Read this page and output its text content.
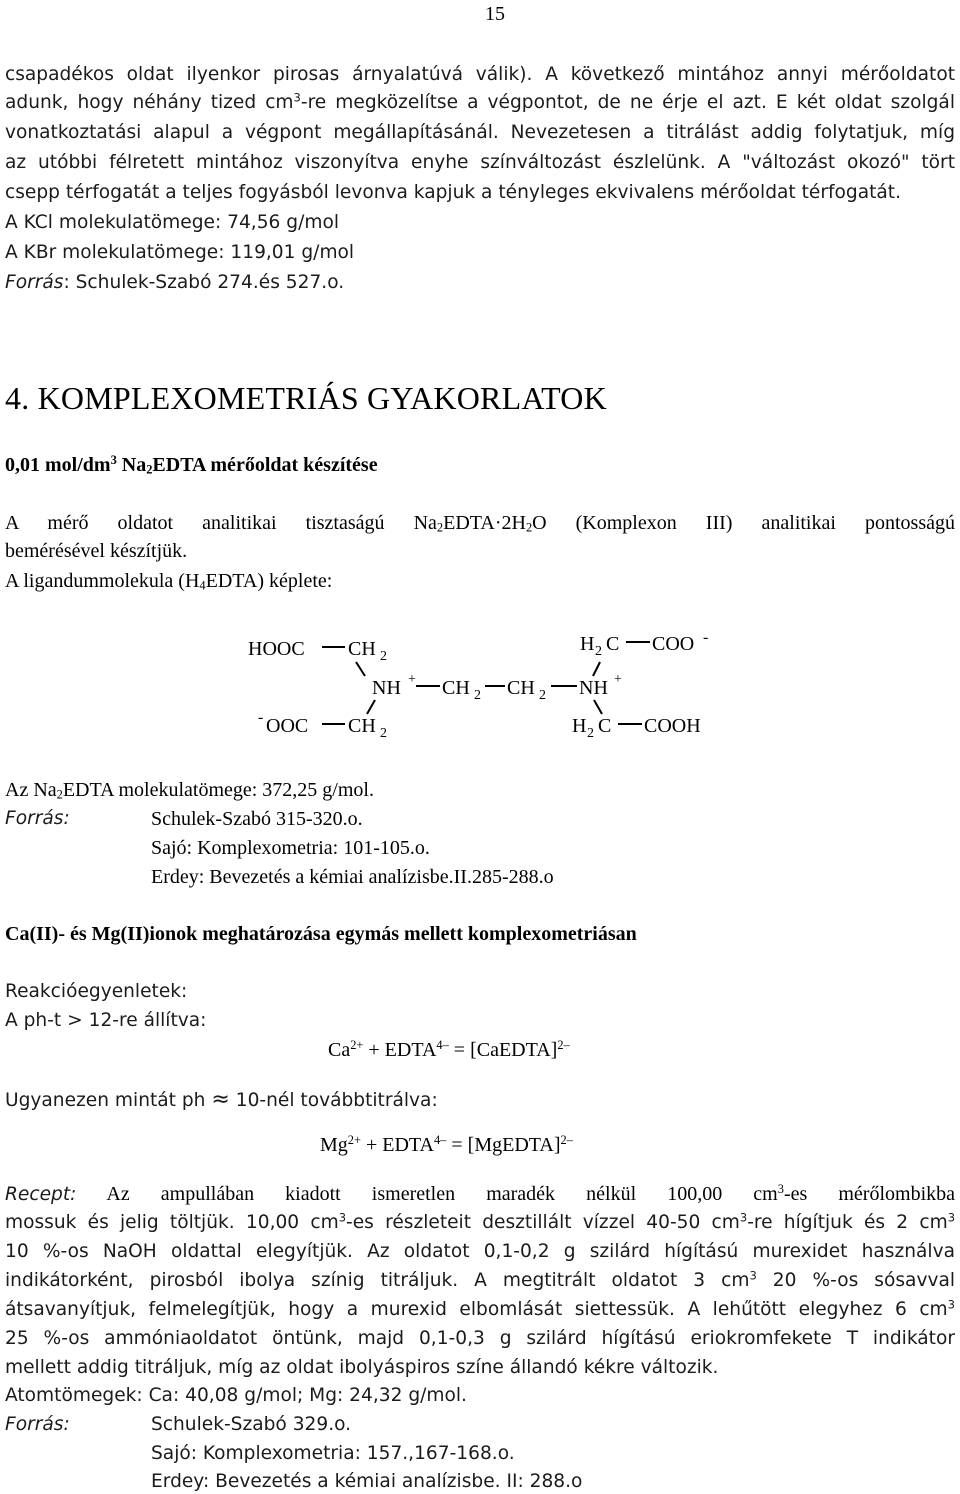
15
csapadékos oldat ilyenkor pirosas árnyalatúvá válik). A következő mintához annyi mérőoldatot
adunk, hogy néhány tized $cm^3-re$ megközelítse a végpontot, de ne érje el azt. E két oldat szolgál
vonatkoztatási alapul a végpont megállapításánál. Nevezetesen a titrálást addig folytatjuk, míg
az utóbbi félretett mintához viszonyítva enyhe színváltozást észlelünk. A "változást okozó" tört
csepp térfogatát a teljes fogyásból levonva kapjuk a tényleges ekvivalens mérőoldat térfogatát.
A KCl molekulatömege: 74,56 g/mol
A KBr molekulatömege: 119,01 g/mol
Forrás: Schulek-Szabó 274.és 527.o.
4. KOMPLEXOMETRIÁS GYAKORLATOK
0,01 mol/$dm^3$ $Na_2EDTA$ mérőoldat készítése
A mérő oldatot analitikai tisztaságú $Na_2EDTA\cdot 2H_2O$ (Komplexon III) analitikai pontosságú
bemérésével készítjük.
A ligandummolekula $(H_4EDTA)$ képlete:
HOOC CH 2
H 2 C COO -
NH + CH 2 CH 2 NH +
- OOC CH 2	H 2 C COOH
Az $Na_2EDTA$ molekulatömege: 372,25 g/mol.
Forrás:	Schulek-Szabó 315-320.o.
Sajó: Komplexometria: 101-105.o.
Erdey: Bevezetés a kémiai analízisbe.II.285-288.o
Ca(II)- és Mg(II)ionok meghatározása egymás mellett komplexometriásan
Reakcióegyenletek:
A ph-t > 12-re állítva:
$Ca^{2+}$ + $EDTA^{4-}$ = [CaEDTA]$^{2-}$
Ugyanezen mintát ph ≈ 10-nél továbbtitrálva:
$Mg^{2+}$ + $EDTA^{4-}$ = [MgEDTA]$^{2-}$
Recept: Az ampullában kiadott ismeretlen maradék nélkül 100,00 $cm^3-es$ mérőlombikba
mossuk és jelig töltjük. 10,00 $cm^3-es$ részleteit desztillált vízzel 40-50 $cm^3-re$ hígítjuk és 2 $cm^3$
10 %-os NaOH oldattal elegyítjük. Az oldatot 0,1-0,2 g szilárd hígítású murexidet használva
indikátorként, pirosból ibolya színig titráljuk. A megtitrált oldatot 3 $cm^3$ 20 %-os sósavval
átsavanyítjuk, felmelegítjük, hogy a murexid elbomlását siettessük. A lehűtött elegyhez 6 $cm^3$
25 %-os ammóniaoldatot öntünk, majd 0,1-0,3 g szilárd hígítású eriokromfekete T indikátor
mellett addig titráljuk, míg az oldat ibolyáspiros színe állandó kékre változik.
Atomtömegek: Ca: 40,08 g/mol; Mg: 24,32 g/mol.
Forrás:	Schulek-Szabó 329.o.
Sajó: Komplexometria: 157.,167-168.o.
Erdey: Bevezetés a kémiai analízisbe. II: 288.o
